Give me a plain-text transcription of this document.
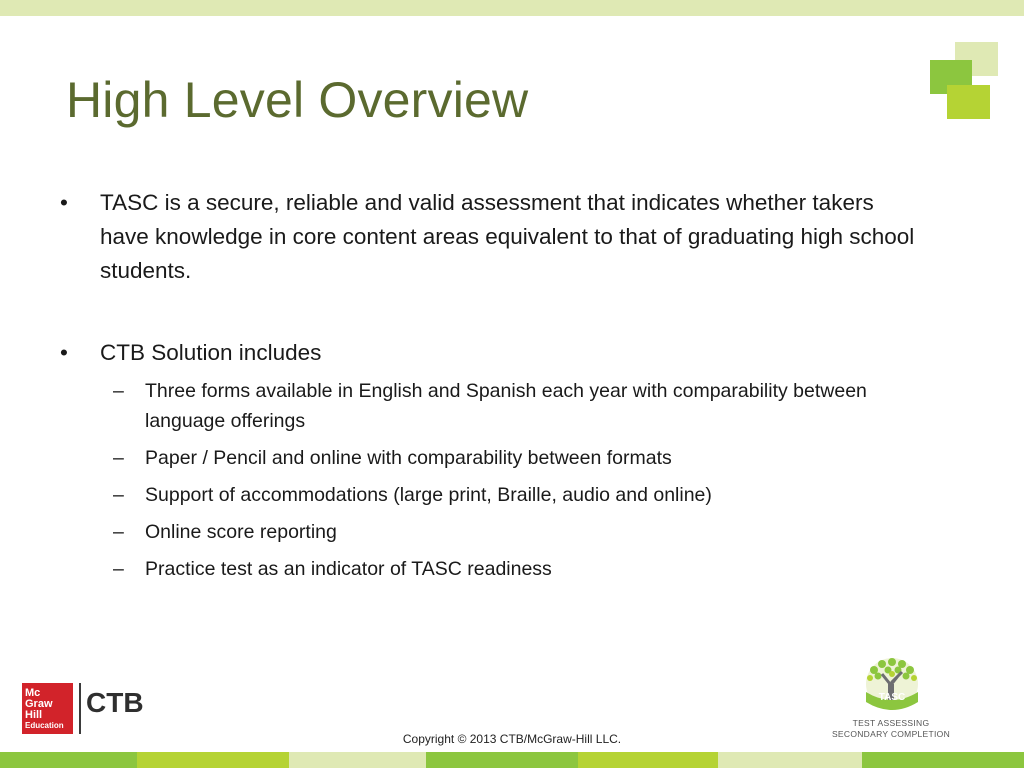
High Level Overview
• TASC is a secure, reliable and valid assessment that indicates whether takers have knowledge in core content areas equivalent to that of graduating high school students.
• CTB Solution includes
– Three forms available in English and Spanish each year with comparability between language offerings
– Paper / Pencil and online with comparability between formats
– Support of accommodations (large print, Braille, audio and online)
– Online score reporting
– Practice test as an indicator of TASC readiness
Mc
Graw
Hill
Education
CTB
Copyright © 2013 CTB/McGraw-Hill LLC.
TASC
TEST ASSESSING
SECONDARY COMPLETION
